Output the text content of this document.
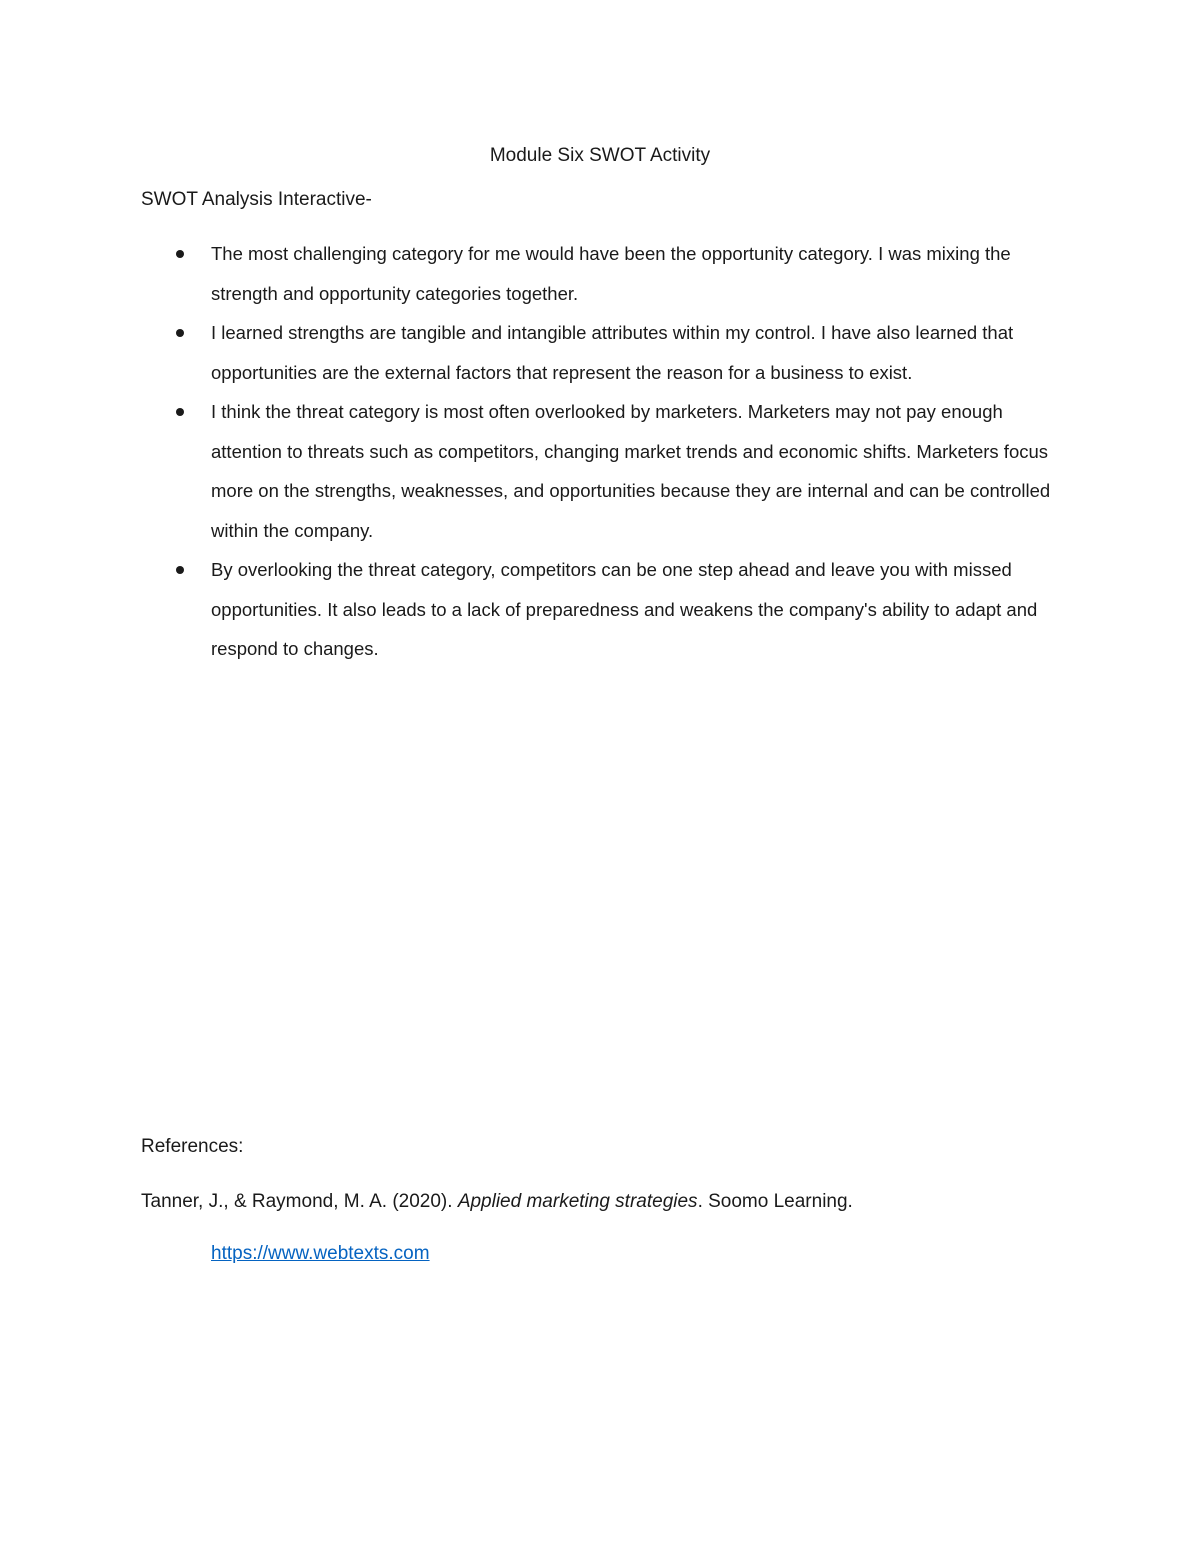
Module Six SWOT Activity
SWOT Analysis Interactive-
The most challenging category for me would have been the opportunity category. I was mixing the strength and opportunity categories together.
I learned strengths are tangible and intangible attributes within my control. I have also learned that opportunities are the external factors that represent the reason for a business to exist.
I think the threat category is most often overlooked by marketers. Marketers may not pay enough attention to threats such as competitors, changing market trends and economic shifts. Marketers focus more on the strengths, weaknesses, and opportunities because they are internal and can be controlled within the company.
By overlooking the threat category, competitors can be one step ahead and leave you with missed opportunities. It also leads to a lack of preparedness and weakens the company's ability to adapt and respond to changes.
References:
Tanner, J., & Raymond, M. A. (2020). Applied marketing strategies. Soomo Learning.
https://www.webtexts.com
